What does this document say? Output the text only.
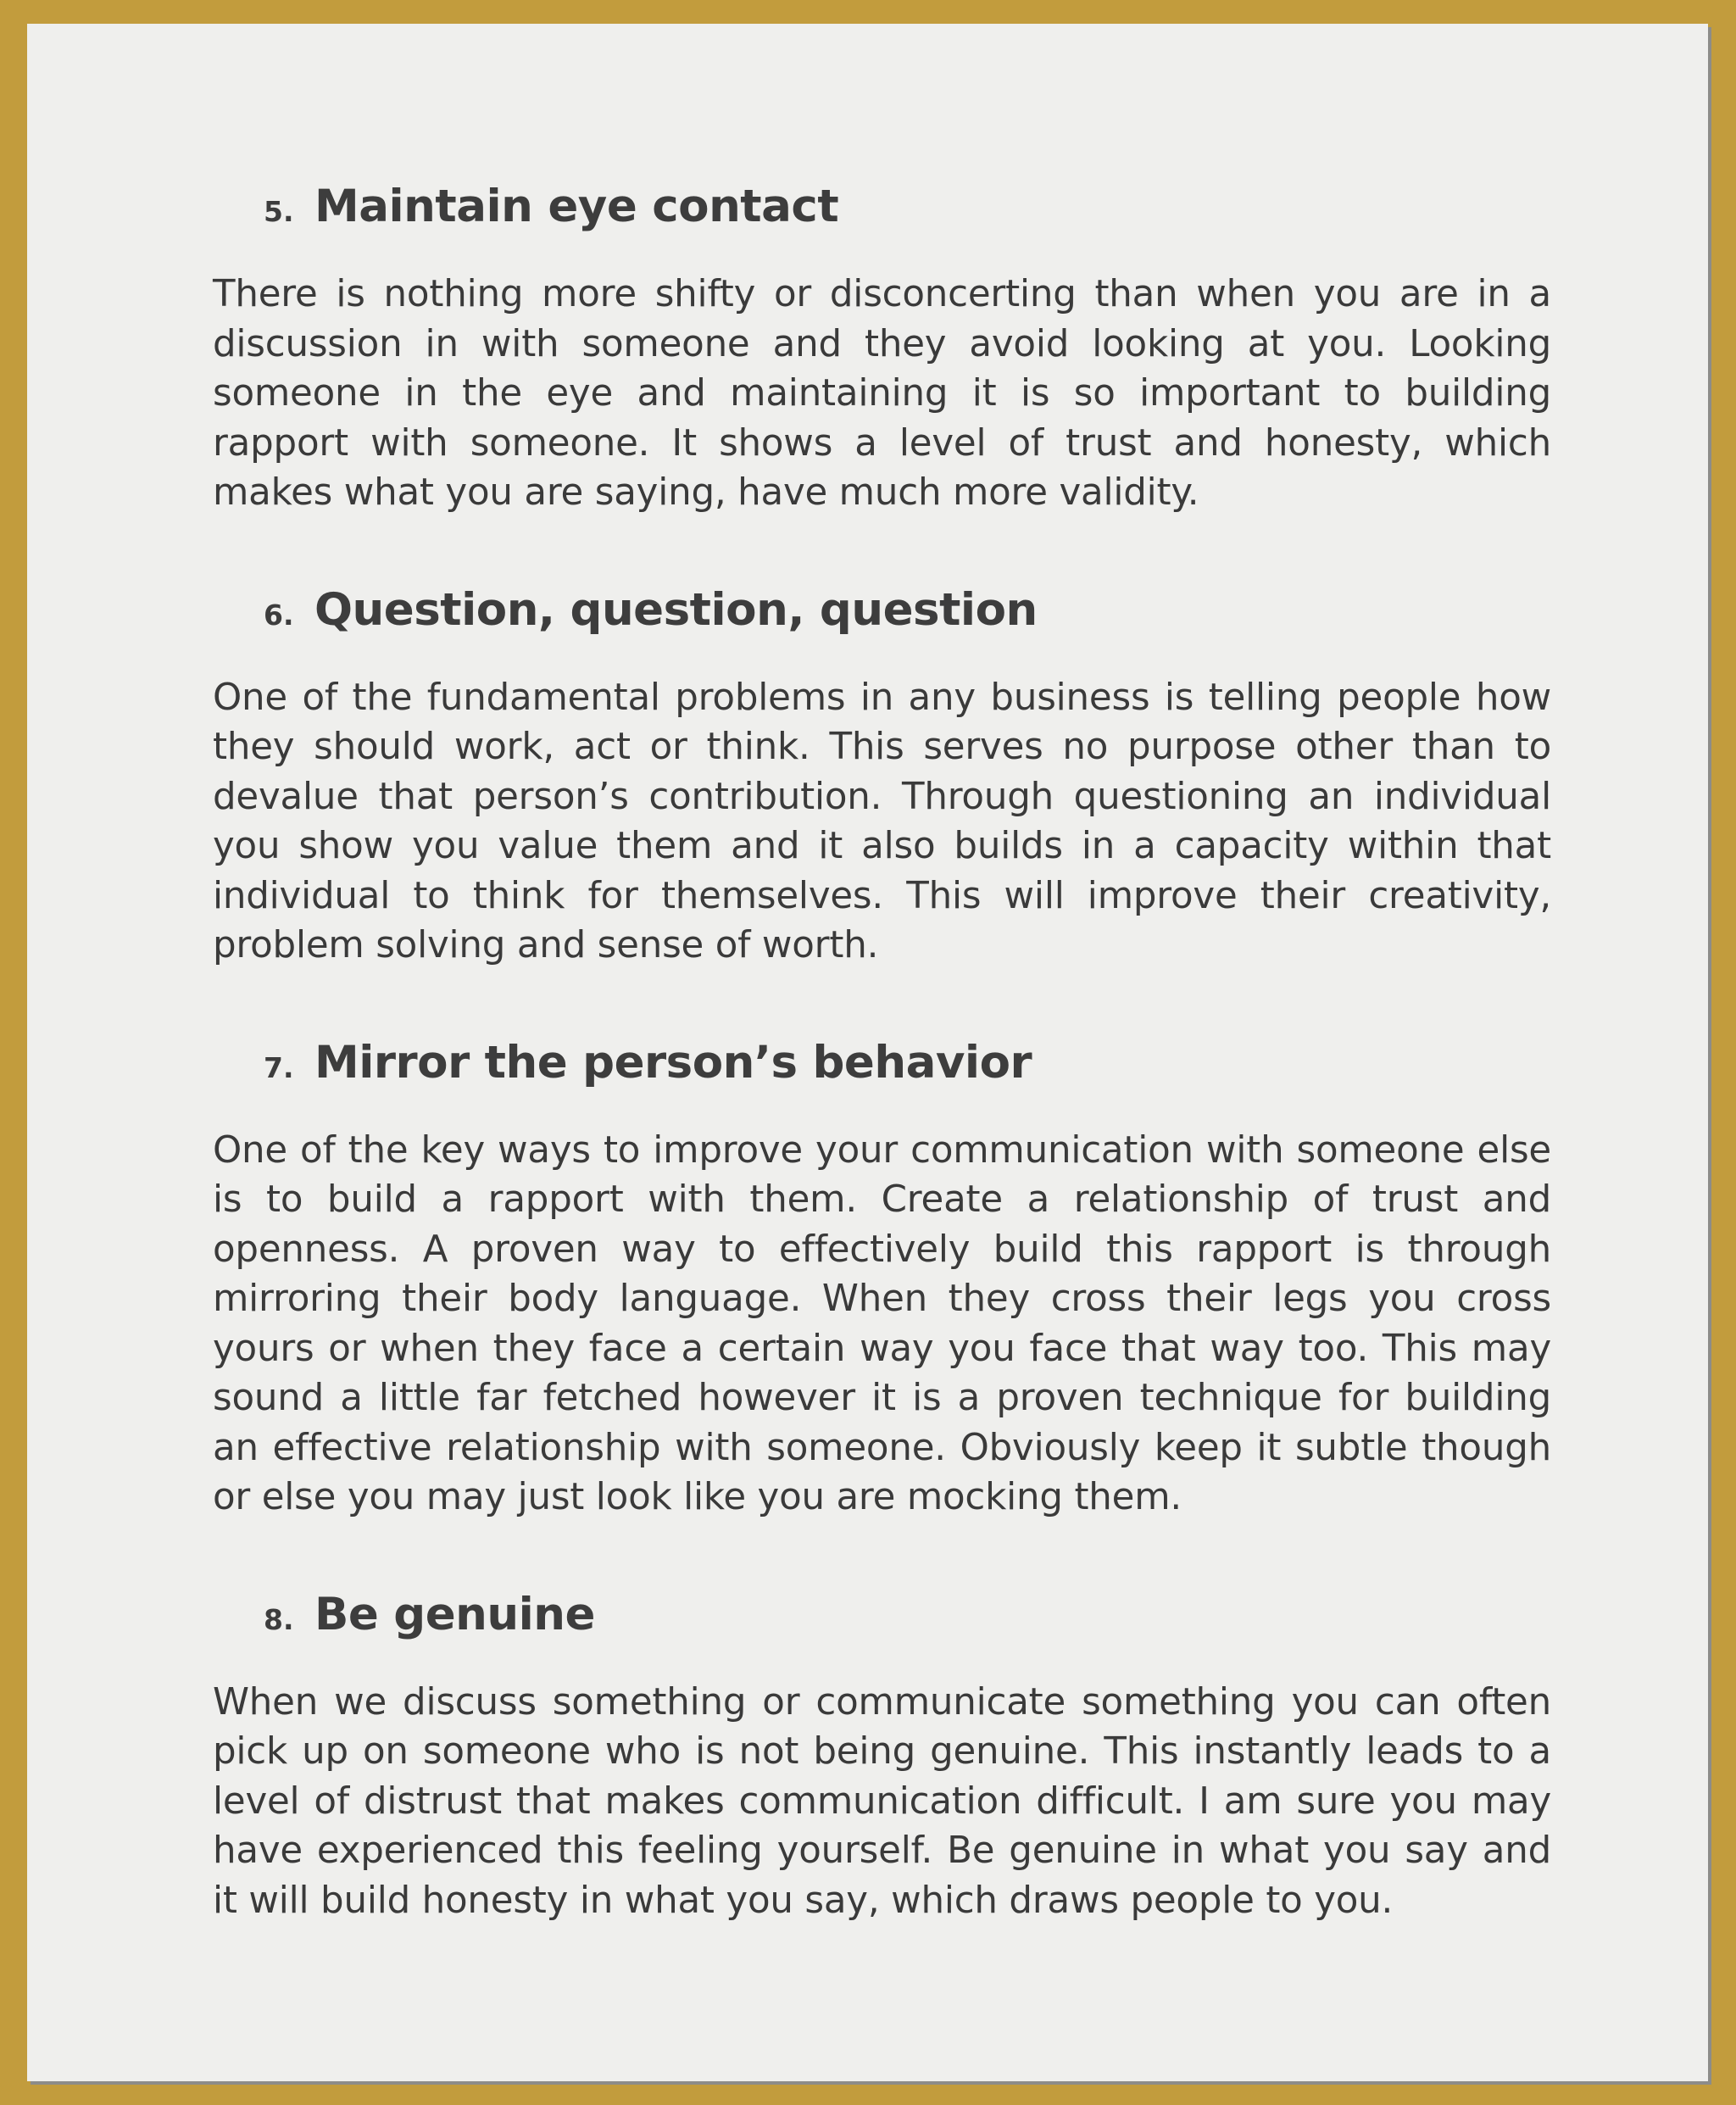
5. Maintain eye contact

There is nothing more shifty or disconcerting than when you are in a discussion in with someone and they avoid looking at you. Looking someone in the eye and maintaining it is so important to building rapport with someone. It shows a level of trust and honesty, which makes what you are saying, have much more validity.

6. Question, question, question

One of the fundamental problems in any business is telling people how they should work, act or think. This serves no purpose other than to devalue that person’s contribution. Through questioning an individual you show you value them and it also builds in a capacity within that individual to think for themselves. This will improve their creativity, problem solving and sense of worth.

7. Mirror the person’s behavior

One of the key ways to improve your communication with someone else is to build a rapport with them. Create a relationship of trust and openness. A proven way to effectively build this rapport is through mirroring their body language. When they cross their legs you cross yours or when they face a certain way you face that way too. This may sound a little far fetched however it is a proven technique for building an effective relationship with someone. Obviously keep it subtle though or else you may just look like you are mocking them.

8. Be genuine

When we discuss something or communicate something you can often pick up on someone who is not being genuine. This instantly leads to a level of distrust that makes communication difficult. I am sure you may have experienced this feeling yourself. Be genuine in what you say and it will build honesty in what you say, which draws people to you.
